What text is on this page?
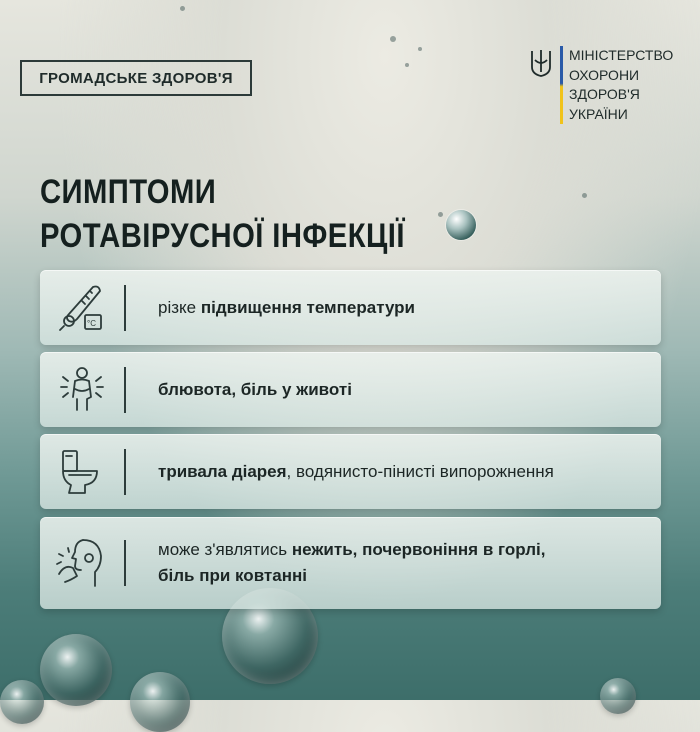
ГРОМАДСЬКЕ ЗДОРОВ'Я
МІНІСТЕРСТВО
ОХОРОНИ
ЗДОРОВ'Я
УКРАЇНИ
СИМПТОМИ
РОТАВІРУСНОЇ ІНФЕКЦІЇ
°C
різке підвищення температури
блювота, біль у животі
тривала діарея, водянисто-пінисті випорожнення
може з'являтись нежить, почервоніння в горлі,
біль при ковтанні
